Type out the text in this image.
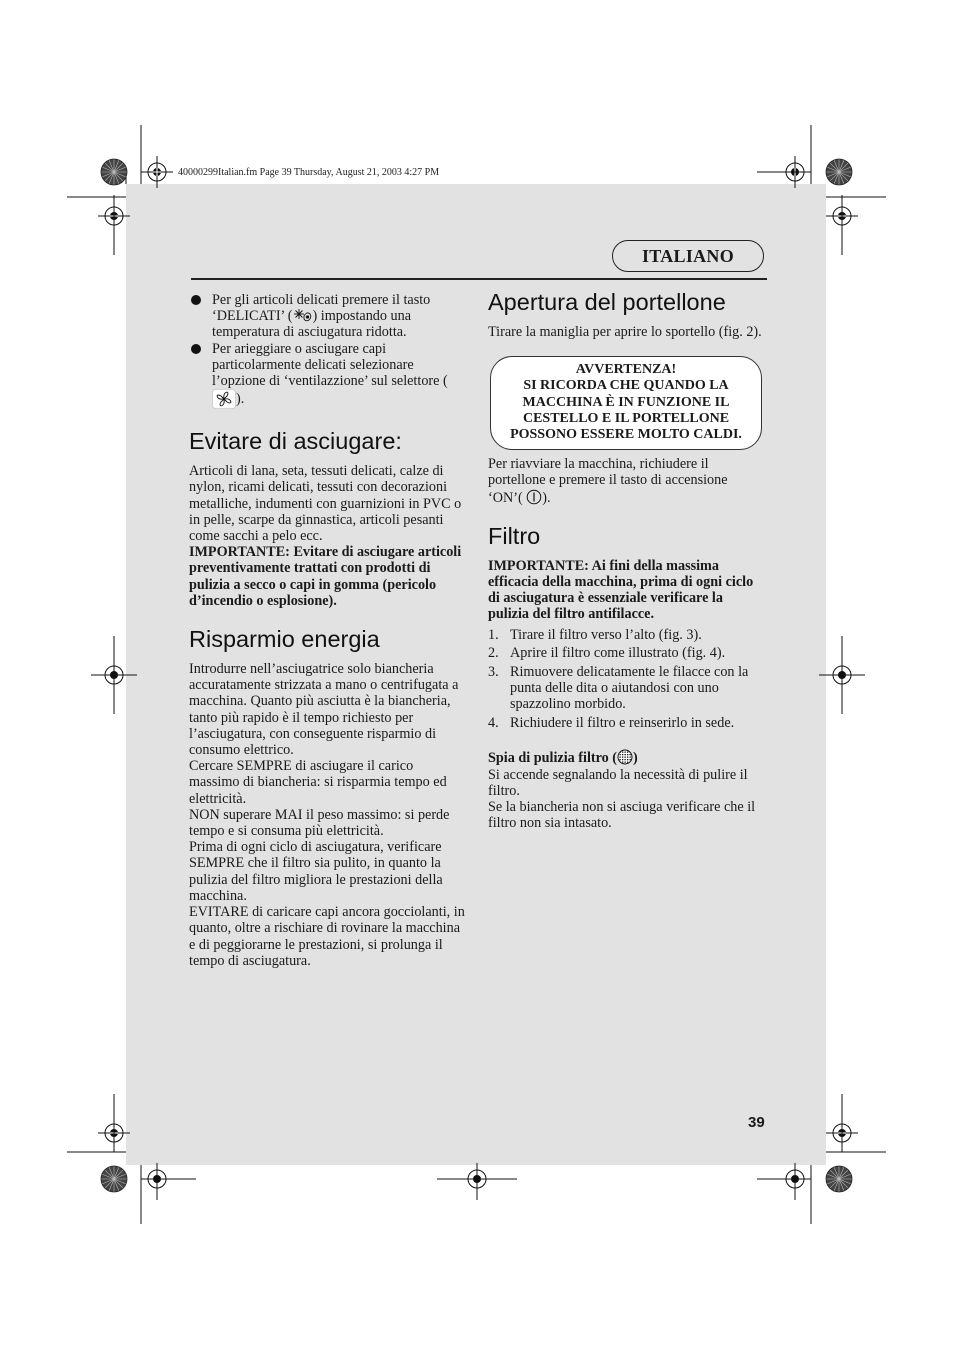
40000299Italian.fm Page 39 Thursday, August 21, 2003 4:27 PM
ITALIANO
Per gli articoli delicati premere il tasto ‘DELICATI’ ( ) impostando una temperatura di asciugatura ridotta.
Per arieggiare o asciugare capi particolarmente delicati selezionare l’opzione di ‘ventilazzione’ sul selettore ().
Evitare di asciugare:

Articoli di lana, seta, tessuti delicati, calze di nylon, ricami delicati, tessuti con decorazioni metalliche, indumenti con guarnizioni in PVC o in pelle, scarpe da ginnastica, articoli pesanti come sacchi a pelo ecc.

IMPORTANTE: Evitare di asciugare articoli preventivamente trattati con prodotti di pulizia a secco o capi in gomma (pericolo d’incendio o esplosione).

Risparmio energia

Introdurre nell’asciugatrice solo biancheria accuratamente strizzata a mano o centrifugata a macchina. Quanto più asciutta è la biancheria, tanto più rapido è il tempo richiesto per l’asciugatura, con conseguente risparmio di consumo elettrico.

Cercare SEMPRE di asciugare il carico massimo di biancheria: si risparmia tempo ed elettricità.

NON superare MAI il peso massimo: si perde tempo e si consuma più elettricità.

Prima di ogni ciclo di asciugatura, verificare SEMPRE che il filtro sia pulito, in quanto la pulizia del filtro migliora le prestazioni della macchina.

EVITARE di caricare capi ancora gocciolanti, in quanto, oltre a rischiare di rovinare la macchina e di peggiorarne le prestazioni, si prolunga il tempo di asciugatura.

Apertura del portellone

Tirare la maniglia per aprire lo sportello (fig. 2).

AVVERTENZA!
SI RICORDA CHE QUANDO LA MACCHINA È IN FUNZIONE IL CESTELLO E IL PORTELLONE POSSONO ESSERE MOLTO CALDI.

Per riavviare la macchina, richiudere il portellone e premere il tasto di accensione ‘ON’( ).

Filtro

IMPORTANTE: Ai fini della massima efficacia della macchina, prima di ogni ciclo di asciugatura è essenziale verificare la pulizia del filtro antifilacce.

1. Tirare il filtro verso l’alto (fig. 3).
2. Aprire il filtro come illustrato (fig. 4).
3. Rimuovere delicatamente le filacce con la punta delle dita o aiutandosi con uno spazzolino morbido.
4. Richiudere il filtro e reinserirlo in sede.

Spia di pulizia filtro ( )

Si accende segnalando la necessità di pulire il filtro.

Se la biancheria non si asciuga verificare che il filtro non sia intasato.

39
